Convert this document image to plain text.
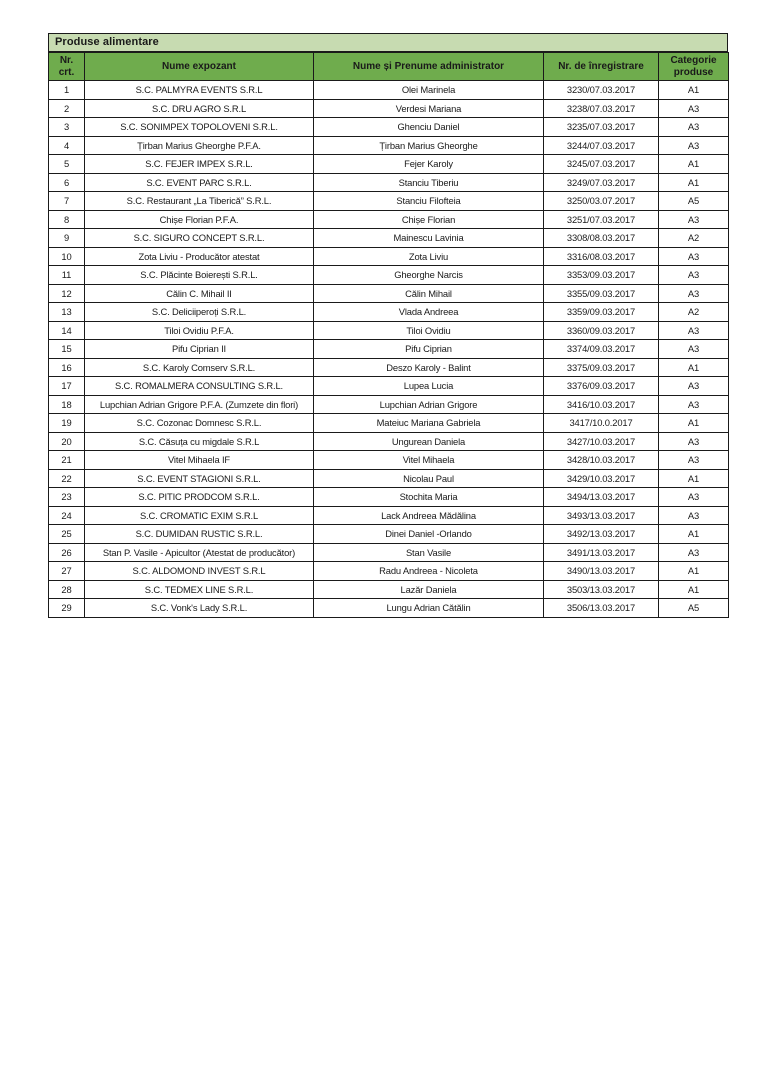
Produse alimentare
Nr. crt.	Nume expozant	Nume și Prenume administrator	Nr. de înregistrare	Categorie produse
1	S.C. PALMYRA EVENTS S.R.L	Olei Marinela	3230/07.03.2017	A1
2	S.C. DRU AGRO S.R.L	Verdesi Mariana	3238/07.03.2017	A3
3	S.C. SONIMPEX TOPOLOVENI S.R.L.	Ghenciu Daniel	3235/07.03.2017	A3
4	Țirban Marius Gheorghe P.F.A.	Țirban Marius Gheorghe	3244/07.03.2017	A3
5	S.C. FEJER IMPEX S.R.L.	Fejer Karoly	3245/07.03.2017	A1
6	S.C. EVENT PARC S.R.L.	Stanciu Tiberiu	3249/07.03.2017	A1
7	S.C. Restaurant „La Tiberică” S.R.L.	Stanciu Filofteia	3250/03.07.2017	A5
8	Chișe Florian P.F.A.	Chișe Florian	3251/07.03.2017	A3
9	S.C. SIGURO CONCEPT S.R.L.	Mainescu Lavinia	3308/08.03.2017	A2
10	Zota Liviu - Producător atestat	Zota Liviu	3316/08.03.2017	A3
11	S.C. Plăcinte Boierești S.R.L.	Gheorghe Narcis	3353/09.03.2017	A3
12	Călin C. Mihail II	Călin Mihail	3355/09.03.2017	A3
13	S.C. Deliciiperoți S.R.L.	Vlada Andreea	3359/09.03.2017	A2
14	Tiloi Ovidiu P.F.A.	Tiloi Ovidiu	3360/09.03.2017	A3
15	Pifu Ciprian II	Pifu Ciprian	3374/09.03.2017	A3
16	S.C. Karoly Comserv S.R.L.	Deszo Karoly - Balint	3375/09.03.2017	A1
17	S.C. ROMALMERA CONSULTING S.R.L.	Lupea Lucia	3376/09.03.2017	A3
18	Lupchian Adrian Grigore P.F.A. (Zumzete din flori)	Lupchian Adrian Grigore	3416/10.03.2017	A3
19	S.C. Cozonac Domnesc S.R.L.	Mateiuc Mariana Gabriela	3417/10.0.2017	A1
20	S.C. Căsuța cu migdale S.R.L	Ungurean Daniela	3427/10.03.2017	A3
21	Vitel Mihaela IF	Vitel Mihaela	3428/10.03.2017	A3
22	S.C. EVENT STAGIONI S.R.L.	Nicolau Paul	3429/10.03.2017	A1
23	S.C. PITIC PRODCOM S.R.L.	Stochita Maria	3494/13.03.2017	A3
24	S.C. CROMATIC EXIM S.R.L	Lack Andreea Mădălina	3493/13.03.2017	A3
25	S.C. DUMIDAN RUSTIC S.R.L.	Dinei Daniel -Orlando	3492/13.03.2017	A1
26	Stan P. Vasile - Apicultor (Atestat de producător)	Stan Vasile	3491/13.03.2017	A3
27	S.C. ALDOMOND INVEST S.R.L	Radu Andreea - Nicoleta	3490/13.03.2017	A1
28	S.C. TEDMEX LINE S.R.L.	Lazăr Daniela	3503/13.03.2017	A1
29	S.C. Vonk's Lady S.R.L.	Lungu Adrian Cătălin	3506/13.03.2017	A5
